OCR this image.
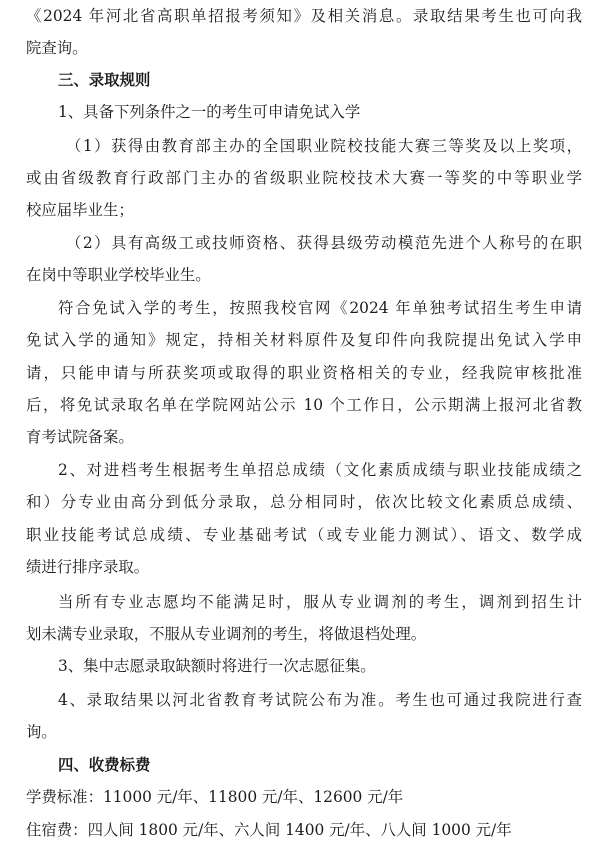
《2024 年河北省高职单招报考须知》及相关消息。录取结果考生也可向我
院查询。
三、录取规则
1、具备下列条件之一的考生可申请免试入学
（1）获得由教育部主办的全国职业院校技能大赛三等奖及以上奖项，
或由省级教育行政部门主办的省级职业院校技术大赛一等奖的中等职业学
校应届毕业生；
（2）具有高级工或技师资格、获得县级劳动模范先进个人称号的在职
在岗中等职业学校毕业生。
符合免试入学的考生，按照我校官网《2024 年单独考试招生考生申请
免试入学的通知》规定，持相关材料原件及复印件向我院提出免试入学申
请，只能申请与所获奖项或取得的职业资格相关的专业，经我院审核批准
后，将免试录取名单在学院网站公示 10 个工作日，公示期满上报河北省教
育考试院备案。
2、对进档考生根据考生单招总成绩（文化素质成绩与职业技能成绩之
和）分专业由高分到低分录取，总分相同时，依次比较文化素质总成绩、
职业技能考试总成绩、专业基础考试（或专业能力测试）、语文、数学成
绩进行排序录取。
当所有专业志愿均不能满足时，服从专业调剂的考生，调剂到招生计
划未满专业录取，不服从专业调剂的考生，将做退档处理。
3、集中志愿录取缺额时将进行一次志愿征集。
4、录取结果以河北省教育考试院公布为准。考生也可通过我院进行查
询。
四、收费标费
学费标准：11000 元/年、11800 元/年、12600 元/年
住宿费：四人间 1800 元/年、六人间 1400 元/年、八人间 1000 元/年
